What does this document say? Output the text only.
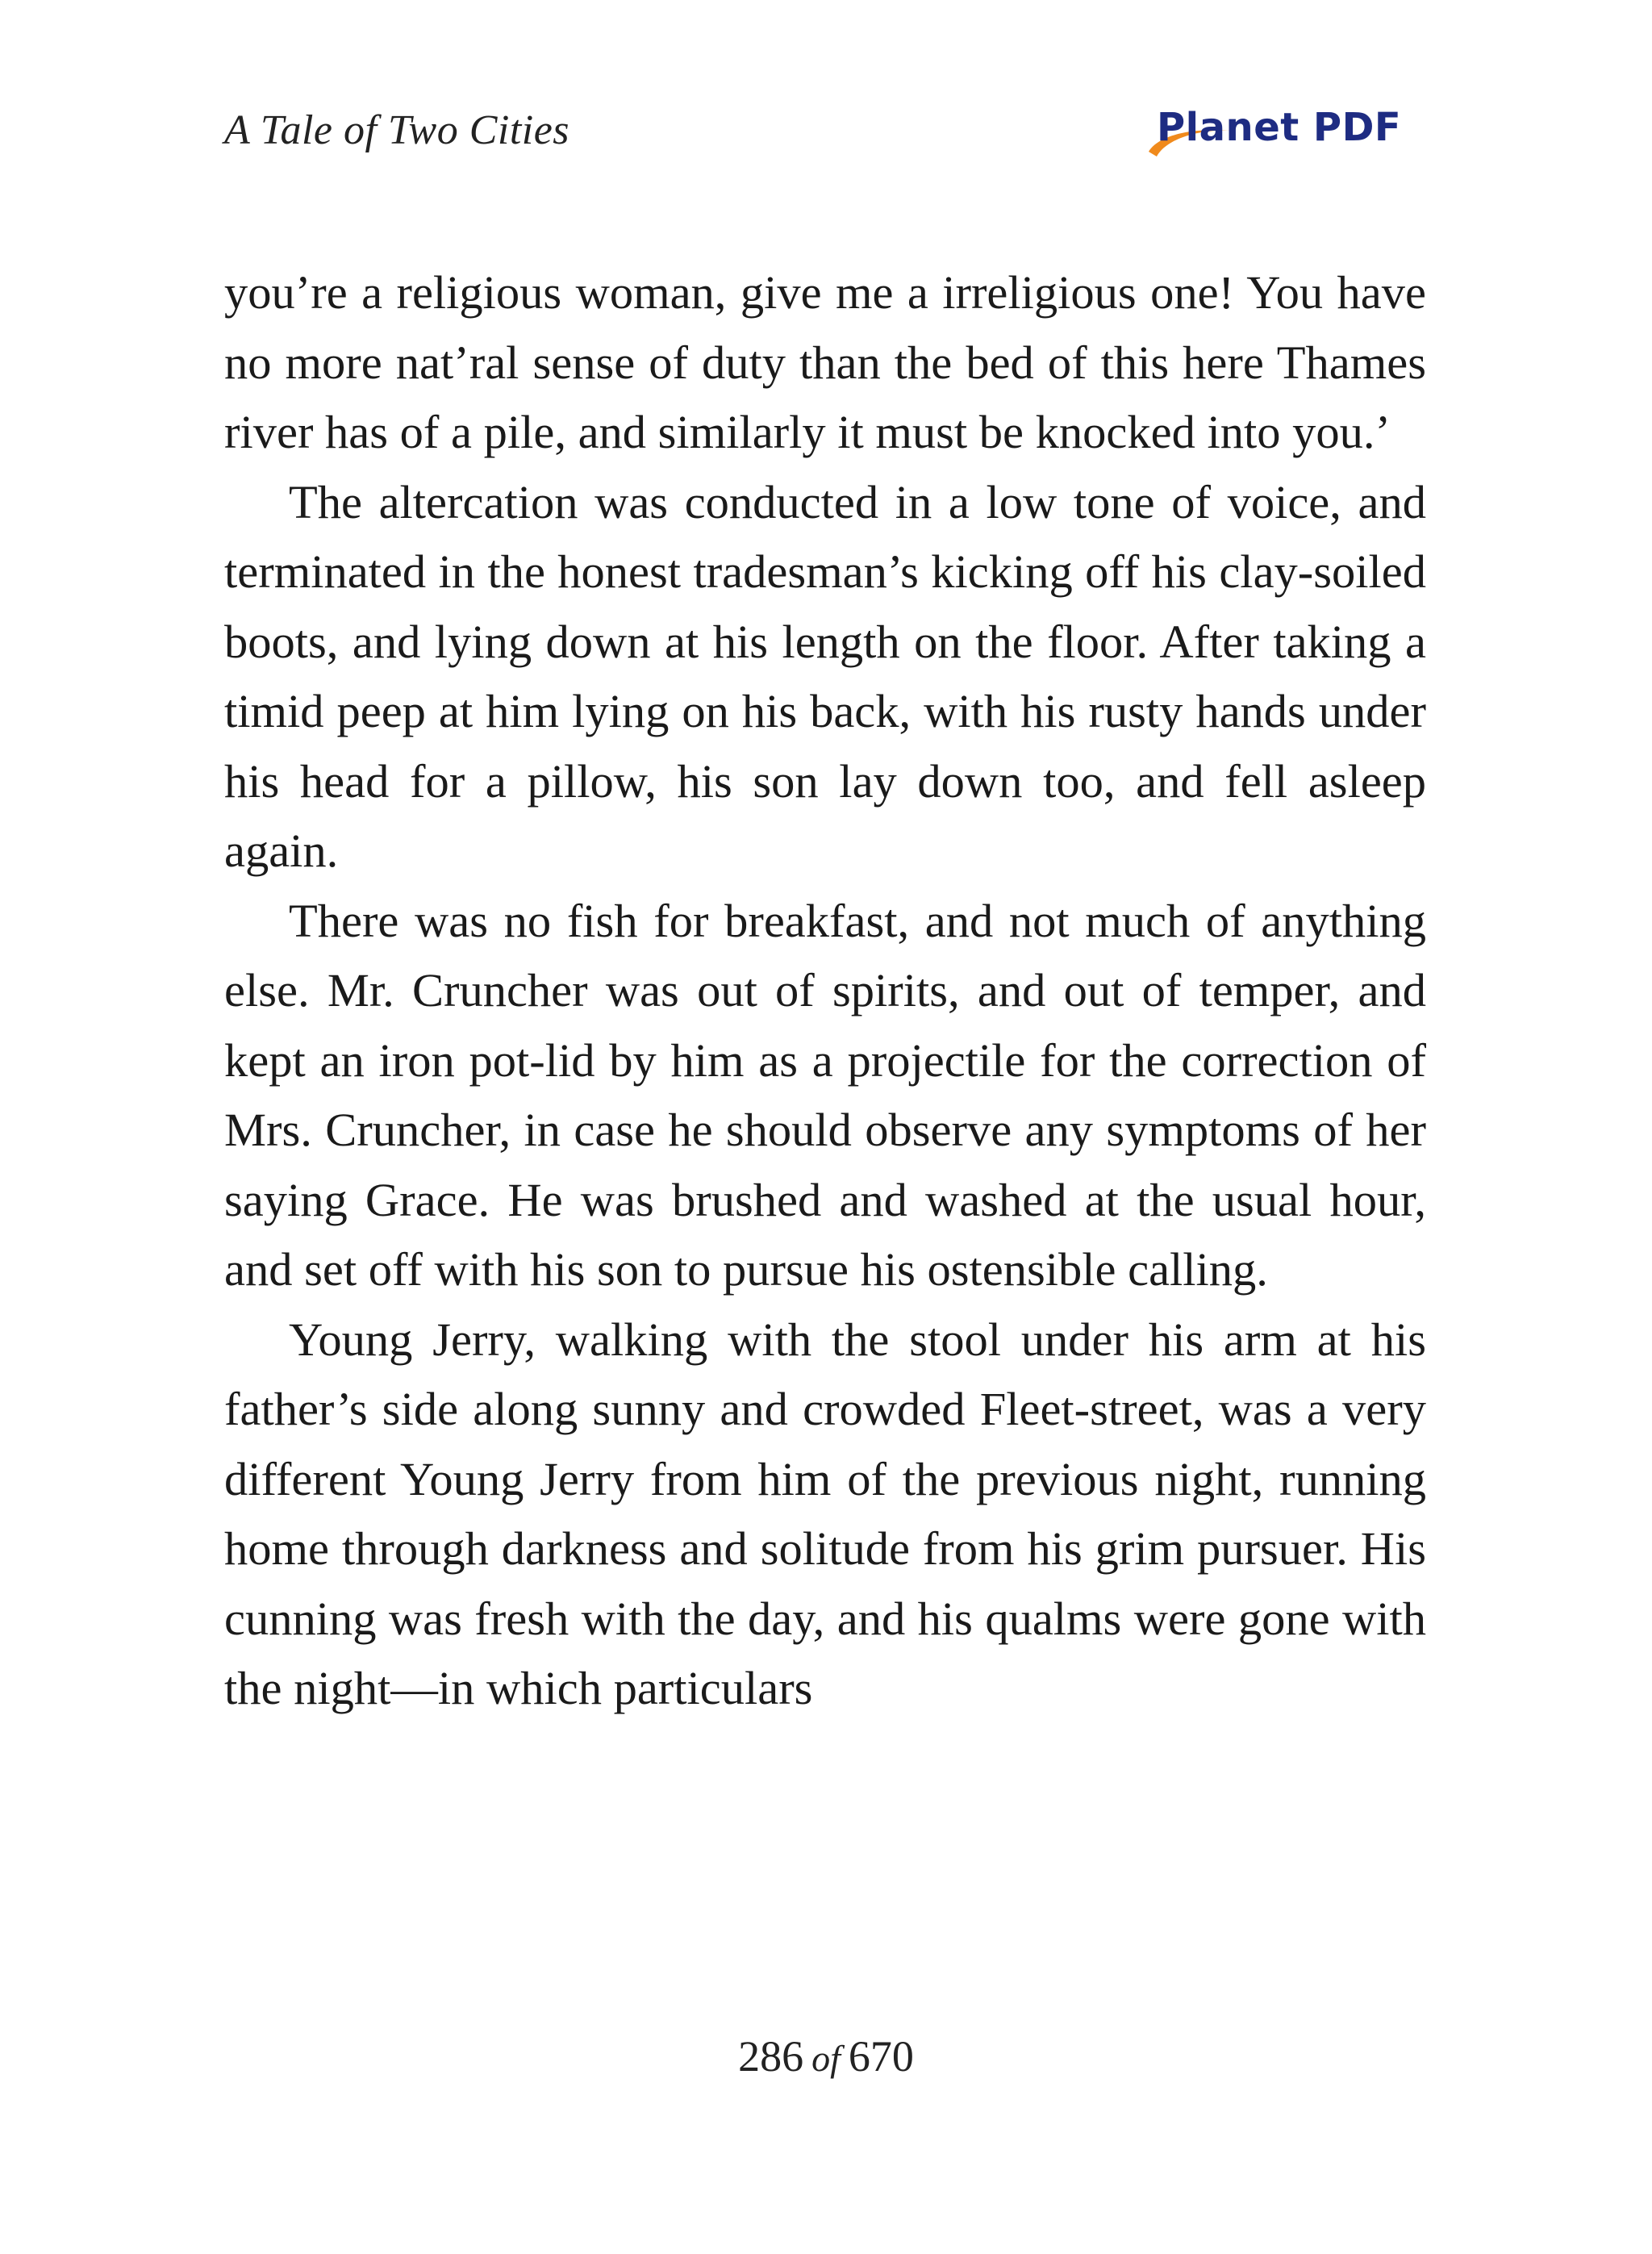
A Tale of Two Cities	Planet PDF

you’re a religious woman, give me a irreligious one! You have no more nat’ral sense of duty than the bed of this here Thames river has of a pile, and similarly it must be knocked into you.’

The altercation was conducted in a low tone of voice, and terminated in the honest tradesman’s kicking off his clay-soiled boots, and lying down at his length on the floor. After taking a timid peep at him lying on his back, with his rusty hands under his head for a pillow, his son lay down too, and fell asleep again.

There was no fish for breakfast, and not much of anything else. Mr. Cruncher was out of spirits, and out of temper, and kept an iron pot-lid by him as a projectile for the correction of Mrs. Cruncher, in case he should observe any symptoms of her saying Grace. He was brushed and washed at the usual hour, and set off with his son to pursue his ostensible calling.

Young Jerry, walking with the stool under his arm at his father’s side along sunny and crowded Fleet-street, was a very different Young Jerry from him of the previous night, running home through darkness and solitude from his grim pursuer. His cunning was fresh with the day, and his qualms were gone with the night—in which particulars

286 of 670
